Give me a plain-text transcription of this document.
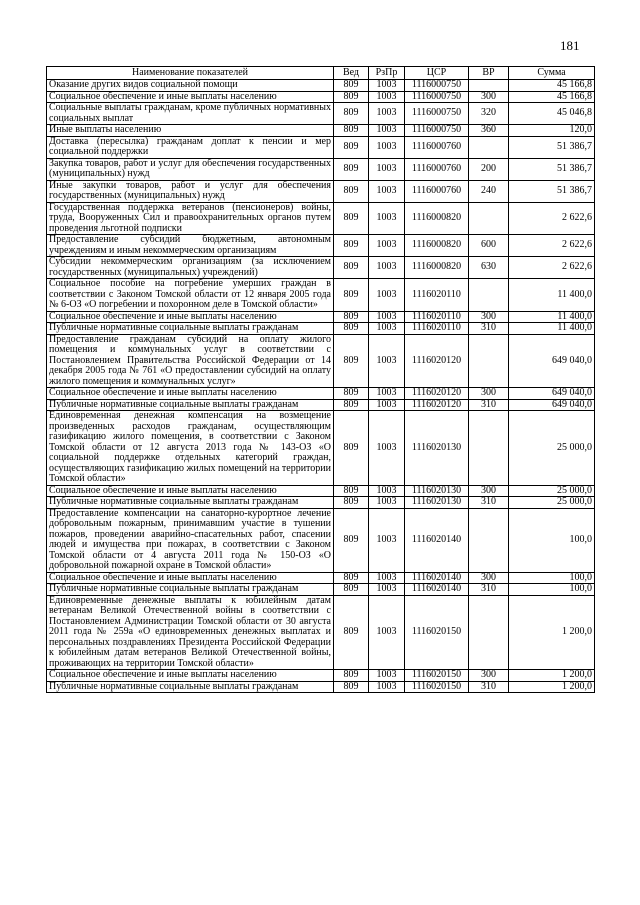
181
Наименование показателей	Вед	РзПр	ЦСР	ВР	Сумма
Оказание других видов социальной помощи	809	1003	1116000750		45 166,8
Социальное обеспечение и иные выплаты населению	809	1003	1116000750	300	45 166,8
Социальные выплаты гражданам, кроме публичных нормативных социальных выплат	809	1003	1116000750	320	45 046,8
Иные выплаты населению	809	1003	1116000750	360	120,0
Доставка (пересылка) гражданам доплат к пенсии и мер социальной поддержки	809	1003	1116000760		51 386,7
Закупка товаров, работ и услуг для обеспечения государственных (муниципальных) нужд	809	1003	1116000760	200	51 386,7
Иные закупки товаров, работ и услуг для обеспечения государственных (муниципальных) нужд	809	1003	1116000760	240	51 386,7
Государственная поддержка ветеранов (пенсионеров) войны, труда, Вооруженных Сил и правоохранительных органов путем проведения льготной подписки	809	1003	1116000820		2 622,6
Предоставление субсидий бюджетным, автономным учреждениям и иным некоммерческим организациям	809	1003	1116000820	600	2 622,6
Субсидии некоммерческим организациям (за исключением государственных (муниципальных) учреждений)	809	1003	1116000820	630	2 622,6
Социальное пособие на погребение умерших граждан в соответствии с Законом Томской области от 12 января 2005 года № 6-ОЗ «О погребении и похоронном деле в Томской области»	809	1003	1116020110		11 400,0
Социальное обеспечение и иные выплаты населению	809	1003	1116020110	300	11 400,0
Публичные нормативные социальные выплаты гражданам	809	1003	1116020110	310	11 400,0
Предоставление гражданам субсидий на оплату жилого помещения и коммунальных услуг в соответствии с Постановлением Правительства Российской Федерации от 14 декабря 2005 года № 761 «О предоставлении субсидий на оплату жилого помещения и коммунальных услуг»	809	1003	1116020120		649 040,0
Социальное обеспечение и иные выплаты населению	809	1003	1116020120	300	649 040,0
Публичные нормативные социальные выплаты гражданам	809	1003	1116020120	310	649 040,0
Единовременная денежная компенсация на возмещение произведенных расходов гражданам, осуществляющим газификацию жилого помещения, в соответствии с Законом Томской области от 12 августа 2013 года № 143-ОЗ «О социальной поддержке отдельных категорий граждан, осуществляющих газификацию жилых помещений на территории Томской области»	809	1003	1116020130		25 000,0
Социальное обеспечение и иные выплаты населению	809	1003	1116020130	300	25 000,0
Публичные нормативные социальные выплаты гражданам	809	1003	1116020130	310	25 000,0
Предоставление компенсации на санаторно-курортное лечение добровольным пожарным, принимавшим участие в тушении пожаров, проведении аварийно-спасательных работ, спасении людей и имущества при пожарах, в соответствии с Законом Томской области от 4 августа 2011 года № 150-ОЗ «О добровольной пожарной охране в Томской области»	809	1003	1116020140		100,0
Социальное обеспечение и иные выплаты населению	809	1003	1116020140	300	100,0
Публичные нормативные социальные выплаты гражданам	809	1003	1116020140	310	100,0
Единовременные денежные выплаты к юбилейным датам ветеранам Великой Отечественной войны в соответствии с Постановлением Администрации Томской области от 30 августа 2011 года № 259а «О единовременных денежных выплатах и персональных поздравлениях Президента Российской Федерации к юбилейным датам ветеранов Великой Отечественной войны, проживающих на территории Томской области»	809	1003	1116020150		1 200,0
Социальное обеспечение и иные выплаты населению	809	1003	1116020150	300	1 200,0
Публичные нормативные социальные выплаты гражданам	809	1003	1116020150	310	1 200,0
